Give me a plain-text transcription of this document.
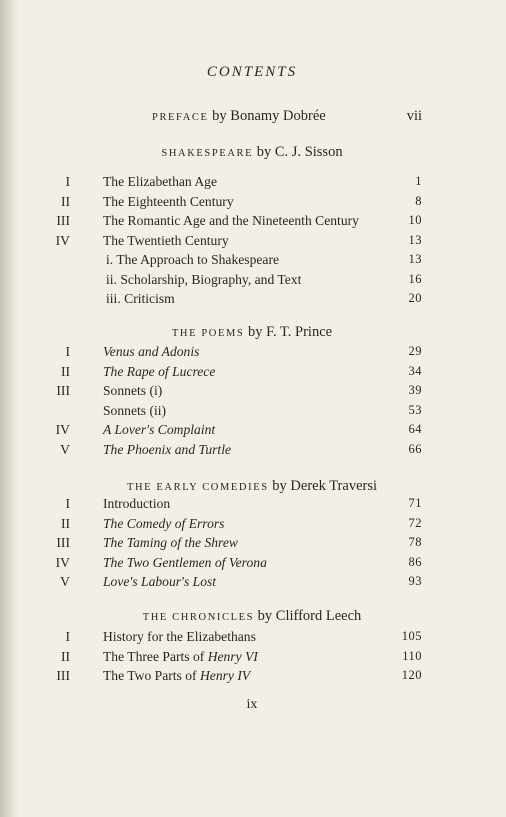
CONTENTS
PREFACE by Bonamy Dobrée	vii
SHAKESPEARE by C. J. Sisson
I The Elizabethan Age	1
II The Eighteenth Century	8
III The Romantic Age and the Nineteenth Century	10
IV The Twentieth Century	13
i. The Approach to Shakespeare	13
ii. Scholarship, Biography, and Text	16
iii. Criticism	20
THE POEMS by F. T. Prince
I Venus and Adonis	29
II The Rape of Lucrece	34
III Sonnets (i)	39
Sonnets (ii)	53
IV A Lover's Complaint	64
V The Phoenix and Turtle	66
THE EARLY COMEDIES by Derek Traversi
I Introduction	71
II The Comedy of Errors	72
III The Taming of the Shrew	78
IV The Two Gentlemen of Verona	86
V Love's Labour's Lost	93
THE CHRONICLES by Clifford Leech
I History for the Elizabethans	105
II The Three Parts of Henry VI	110
III The Two Parts of Henry IV	120
ix
